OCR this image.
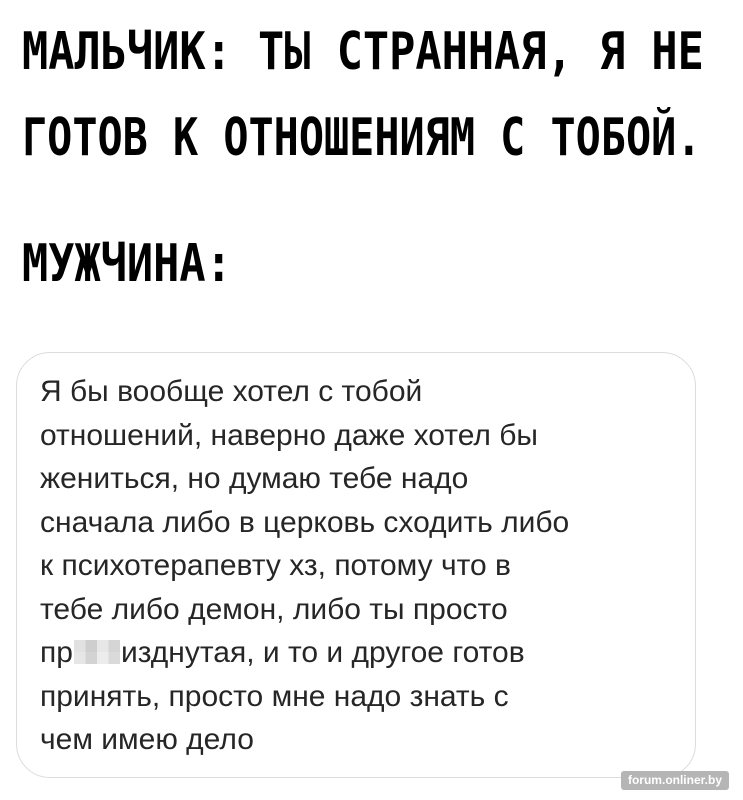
МАЛЬЧИК: ТЫ СТРАННАЯ, Я НЕ
ГОТОВ К ОТНОШЕНИЯМ С ТОБОЙ.
МУЖЧИНА:

Я бы вообще хотел с тобой
отношений, наверно даже хотел бы
жениться, но думаю тебе надо
сначала либо в церковь сходить либо
к психотерапевту хз, потому что в
тебе либо демон, либо ты просто
пр изднутая, и то и другое готов
принять, просто мне надо знать с
чем имею дело

forum.onliner.by
